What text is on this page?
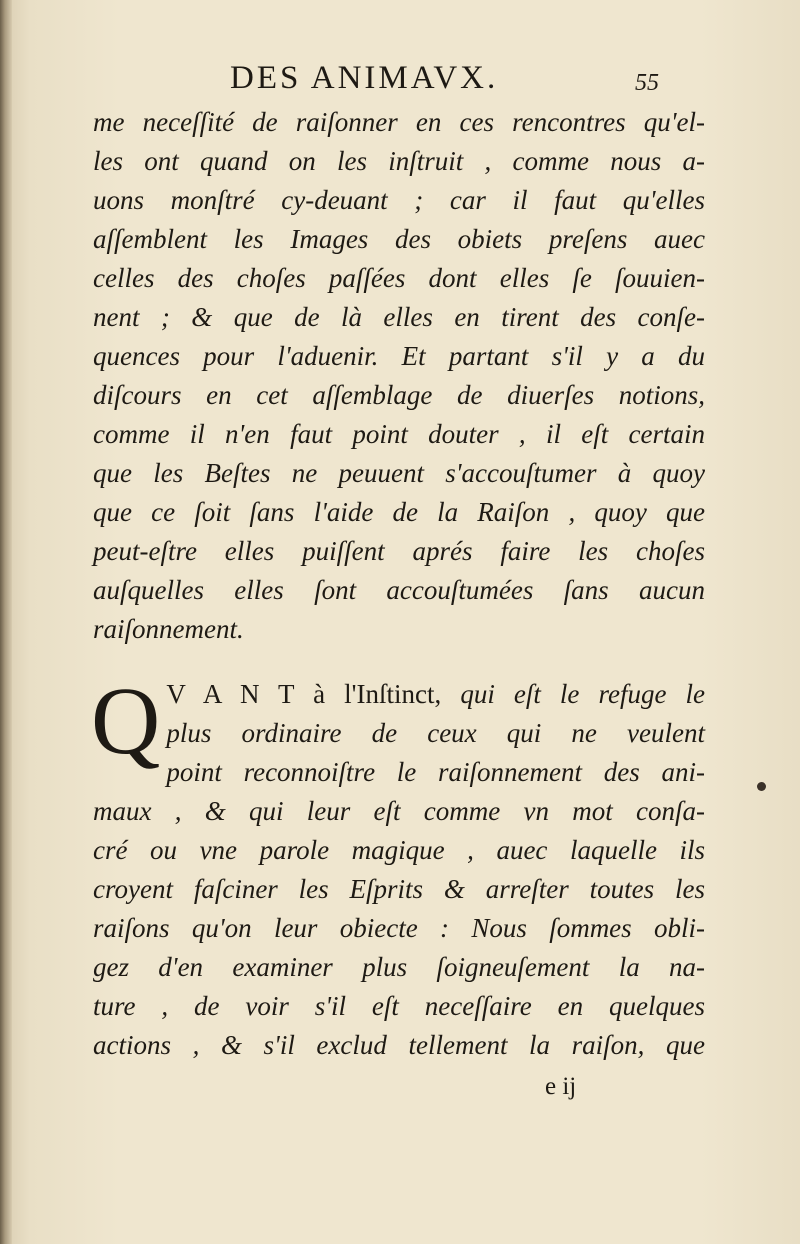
DES ANIMAVX.	55
me neceſſité de raiſonner en ces rencontres qu'el-
les ont quand on les inſtruit , comme nous a-
uons monſtré cy-deuant ; car il faut qu'elles
aſſemblent les Images des obiets preſens auec
celles des choſes paſſées dont elles ſe ſouuien-
nent ; & que de là elles en tirent des conſe-
quences pour l'aduenir. Et partant s'il y a du
diſcours en cet aſſemblage de diuerſes notions,
comme il n'en faut point douter , il eſt certain
que les Beſtes ne peuuent s'accouſtumer à quoy
que ce ſoit ſans l'aide de la Raiſon , quoy que
peut-eſtre elles puiſſent aprés faire les choſes
auſquelles elles ſont accouſtumées ſans aucun
raiſonnement.
Q V A N T à l'Inſtinct, qui eſt le refuge le
plus ordinaire de ceux qui ne veulent
point reconnoiſtre le raiſonnement des ani-
maux , & qui leur eſt comme vn mot conſa-
cré ou vne parole magique , auec laquelle ils
croyent faſciner les Eſprits & arreſter toutes les
raiſons qu'on leur obiecte : Nous ſommes obli-
gez d'en examiner plus ſoigneuſement la na-
ture , de voir s'il eſt neceſſaire en quelques
actions , & s'il exclud tellement la raiſon, que
e ij
